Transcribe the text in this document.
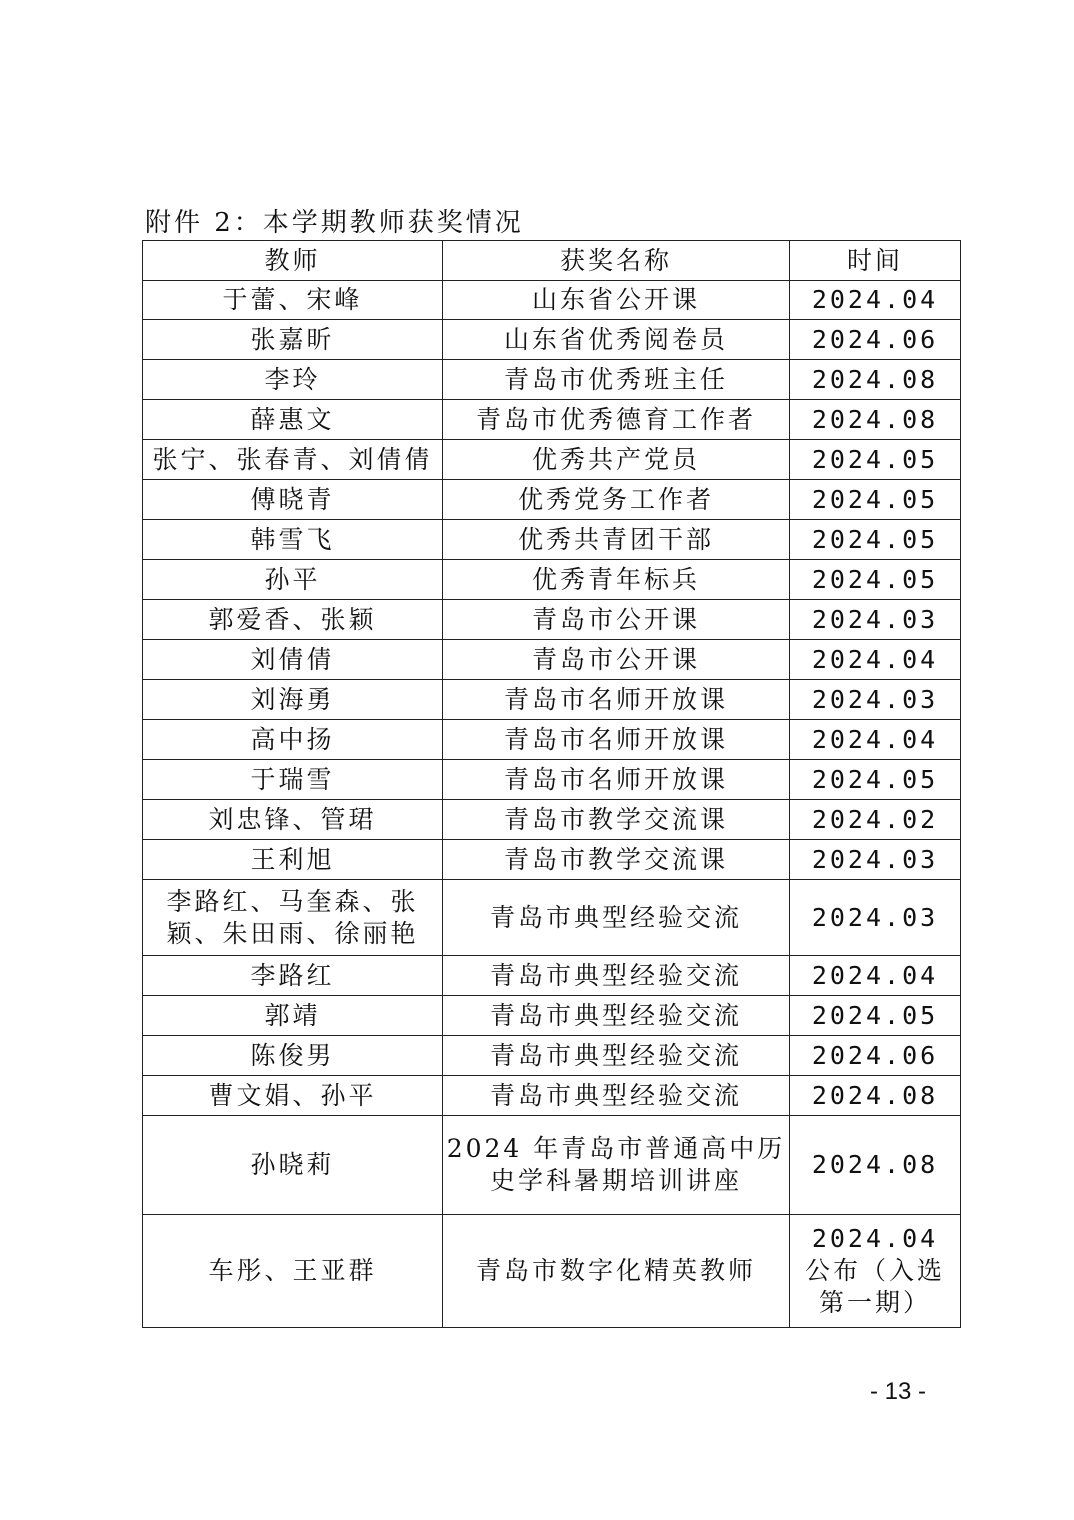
附件 2：本学期教师获奖情况
教师	获奖名称	时间
于蕾、宋峰	山东省公开课	2024.04
张嘉昕	山东省优秀阅卷员	2024.06
李玲	青岛市优秀班主任	2024.08
薛惠文	青岛市优秀德育工作者	2024.08
张宁、张春青、刘倩倩	优秀共产党员	2024.05
傅晓青	优秀党务工作者	2024.05
韩雪飞	优秀共青团干部	2024.05
孙平	优秀青年标兵	2024.05
郭爱香、张颖	青岛市公开课	2024.03
刘倩倩	青岛市公开课	2024.04
刘海勇	青岛市名师开放课	2024.03
高中扬	青岛市名师开放课	2024.04
于瑞雪	青岛市名师开放课	2024.05
刘忠锋、管珺	青岛市教学交流课	2024.02
王利旭	青岛市教学交流课	2024.03
李路红、马奎森、张颖、朱田雨、徐丽艳	青岛市典型经验交流	2024.03
李路红	青岛市典型经验交流	2024.04
郭靖	青岛市典型经验交流	2024.05
陈俊男	青岛市典型经验交流	2024.06
曹文娟、孙平	青岛市典型经验交流	2024.08
孙晓莉	2024 年青岛市普通高中历史学科暑期培训讲座	2024.08
车彤、王亚群	青岛市数字化精英教师	2024.04 公布（入选第一期）
- 13 -
